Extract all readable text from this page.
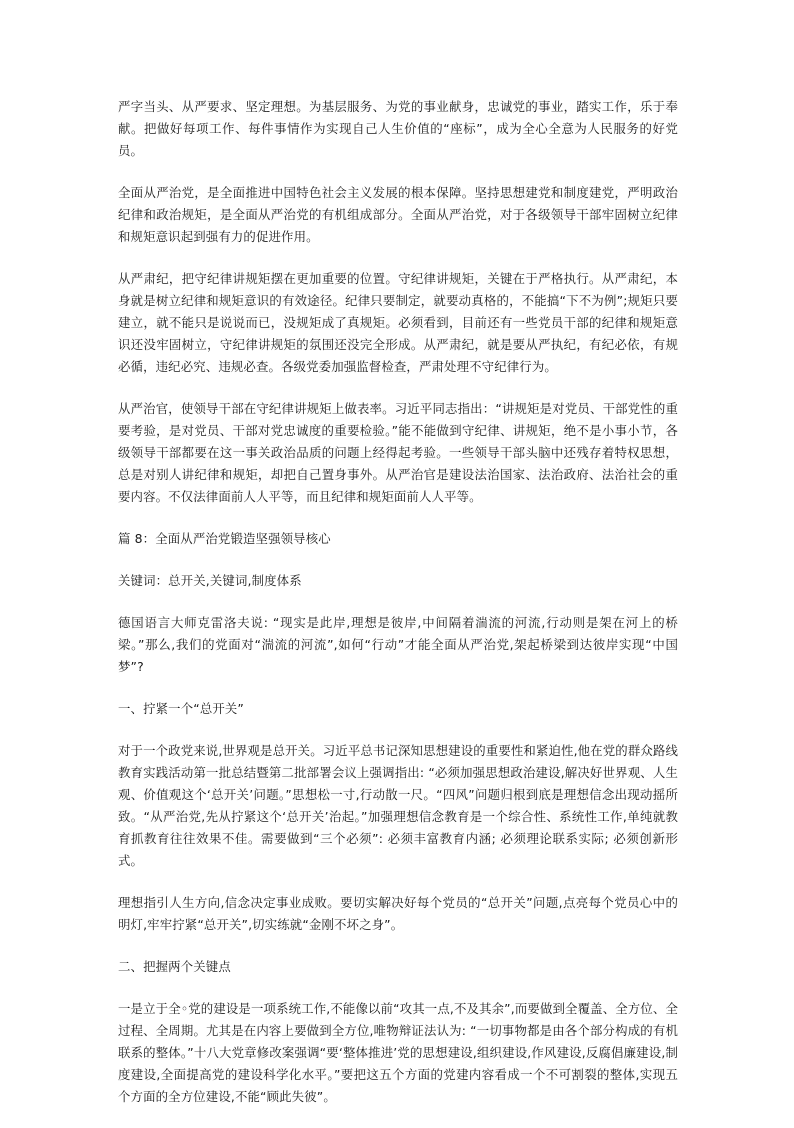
严字当头、从严要求、坚定理想。为基层服务、为党的事业献身，忠诚党的事业，踏实工作，乐于奉献。把做好每项工作、每件事情作为实现自己人生价值的“座标”，成为全心全意为人民服务的好党员。

全面从严治党，是全面推进中国特色社会主义发展的根本保障。坚持思想建党和制度建党，严明政治纪律和政治规矩，是全面从严治党的有机组成部分。全面从严治党，对于各级领导干部牢固树立纪律和规矩意识起到强有力的促进作用。

从严肃纪，把守纪律讲规矩摆在更加重要的位置。守纪律讲规矩，关键在于严格执行。从严肃纪，本身就是树立纪律和规矩意识的有效途径。纪律只要制定，就要动真格的，不能搞“下不为例”;规矩只要建立，就不能只是说说而已，没规矩成了真规矩。必须看到，目前还有一些党员干部的纪律和规矩意识还没牢固树立，守纪律讲规矩的氛围还没完全形成。从严肃纪，就是要从严执纪，有纪必依，有规必循，违纪必究、违规必查。各级党委加强监督检查，严肃处理不守纪律行为。

从严治官，使领导干部在守纪律讲规矩上做表率。习近平同志指出：“讲规矩是对党员、干部党性的重要考验，是对党员、干部对党忠诚度的重要检验。”能不能做到守纪律、讲规矩，绝不是小事小节，各级领导干部都要在这一事关政治品质的问题上经得起考验。一些领导干部头脑中还残存着特权思想，总是对别人讲纪律和规矩，却把自己置身事外。从严治官是建设法治国家、法治政府、法治社会的重要内容。不仅法律面前人人平等，而且纪律和规矩面前人人平等。

篇 8：全面从严治党锻造坚强领导核心

关键词：总开关,关键词,制度体系

德国语言大师克雷洛夫说: “现实是此岸,理想是彼岸,中间隔着湍流的河流,行动则是架在河上的桥梁。”那么,我们的党面对“湍流的河流”,如何“行动”才能全面从严治党,架起桥梁到达彼岸实现“中国梦”?

一、拧紧一个“总开关”

对于一个政党来说,世界观是总开关。习近平总书记深知思想建设的重要性和紧迫性,他在党的群众路线教育实践活动第一批总结暨第二批部署会议上强调指出: “必须加强思想政治建设,解决好世界观、人生观、价值观这个‘总开关’问题。”思想松一寸,行动散一尺。“四风”问题归根到底是理想信念出现动摇所致。“从严治党,先从拧紧这个‘总开关’治起。”加强理想信念教育是一个综合性、系统性工作,单纯就教育抓教育往往效果不佳。需要做到“三个必须”: 必须丰富教育内涵; 必须理论联系实际; 必须创新形式。

理想指引人生方向,信念决定事业成败。要切实解决好每个党员的“总开关”问题,点亮每个党员心中的明灯,牢牢拧紧“总开关”,切实练就“金刚不坏之身”。

二、把握两个关键点

一是立于全◦党的建设是一项系统工作,不能像以前“攻其一点,不及其余”,而要做到全覆盖、全方位、全过程、全周期。尤其是在内容上要做到全方位,唯物辩证法认为: “一切事物都是由各个部分构成的有机联系的整体。”十八大党章修改案强调“要‘整体推进’党的思想建设,组织建设,作风建设,反腐倡廉建设,制度建设,全面提高党的建设科学化水平。”要把这五个方面的党建内容看成一个不可割裂的整体,实现五个方面的全方位建设,不能“顾此失彼”。
